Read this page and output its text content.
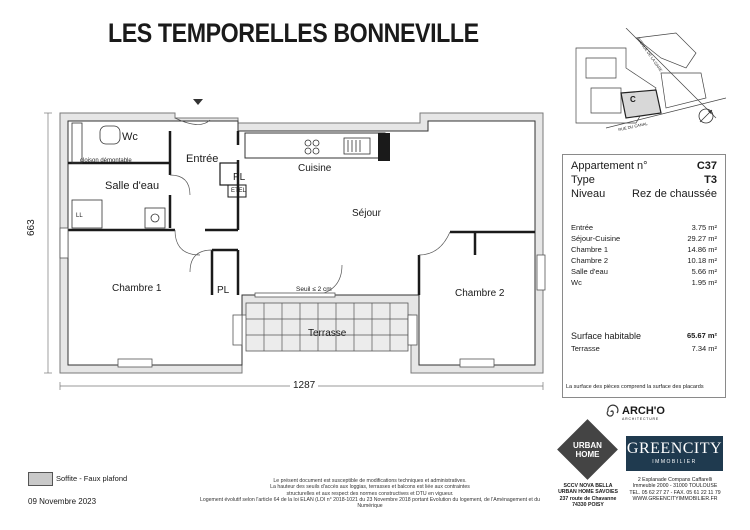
LES TEMPORELLES BONNEVILLE
Wc
Entrée
cloison démontable
Salle d'eau
PL
ETEL
Cuisine
Séjour
LL
Chambre 1	PL	Seuil ≤ 2 cm	Chambre 2
Terrasse
1287
663
AVENUE DE LA GARE
RUE DU CANAL
C
Appartement n°	C37
Type	T3
Niveau Rez de chaussée
Entrée	3.75 m²
Séjour-Cuisine	29.27 m²
Chambre 1	14.86 m²
Chambre 2	10.18 m²
Salle d'eau	5.66 m²
Wc	1.95 m²
Surface habitable	65.67 m²
Terrasse	7.34 m²
La surface des pièces comprend la surface des placards
ARCH'O
ARCHITECTURE
URBAN
HOME
SCCV NOVA BELLA
URBAN HOME SAVOIES
237 route de Chavanne
74330 POISY
GREENCITY
IMMOBILIER
2 Esplanade Compans Caffarelli
Immeuble 2000 - 31000 TOULOUSE
TEL. 05 62 27 27 - FAX. 05 61 22 11 79
WWW.GREENCITYIMMOBILIER.FR
Soffite - Faux plafond
09 Novembre 2023
Le présent document est susceptible de modifications techniques et administratives.
La hauteur des seuils d'accès aux loggias, terrasses et balcons est liée aux contraintes
structurelles et aux respect des normes constructives et DTU en vigueur.
Logement évolutif selon l'article 64 de la loi ELAN (LOI n° 2018-1021 du 23 Novembre 2018 portant Evolution du logement, de l'Aménagement et du Numérique
